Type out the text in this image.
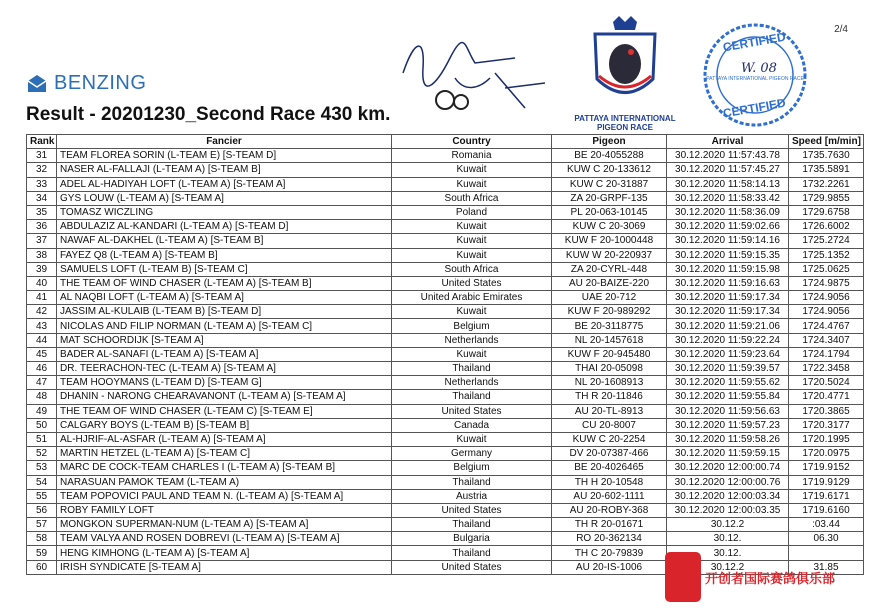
2/4
PATTAYA INTERNATIONAL
PIGEON RACE
CERTIFIED
PATTAYA INTERNATIONAL PIGEON RACE
W. 08
CERTIFIED
BENZING
Result - 20201230_Second Race 430 km.
Rank	Fancier	Country	Pigeon	Arrival	Speed [m/min]	
31	TEAM FLOREA SORIN (L-TEAM E) [S-TEAM D]	Romania	BE 20-4055288	30.12.2020 11:57:43.78	1735.7630	
32	NASER AL-FALLAJI (L-TEAM A) [S-TEAM B]	Kuwait	KUW C 20-133612	30.12.2020 11:57:45.27	1735.5891	
33	ADEL AL-HADIYAH LOFT (L-TEAM A) [S-TEAM A]	Kuwait	KUW C 20-31887	30.12.2020 11:58:14.13	1732.2261	
34	GYS LOUW (L-TEAM A) [S-TEAM A]	South Africa	ZA 20-GRPF-135	30.12.2020 11:58:33.42	1729.9855	
35	TOMASZ WICZLING	Poland	PL 20-063-10145	30.12.2020 11:58:36.09	1729.6758	
36	ABDULAZIZ AL-KANDARI (L-TEAM A) [S-TEAM D]	Kuwait	KUW C 20-3069	30.12.2020 11:59:02.66	1726.6002	
37	NAWAF AL-DAKHEL (L-TEAM A) [S-TEAM B]	Kuwait	KUW F 20-1000448	30.12.2020 11:59:14.16	1725.2724	
38	FAYEZ Q8 (L-TEAM A) [S-TEAM B]	Kuwait	KUW W 20-220937	30.12.2020 11:59:15.35	1725.1352	
39	SAMUELS LOFT (L-TEAM B) [S-TEAM C]	South Africa	ZA 20-CYRL-448	30.12.2020 11:59:15.98	1725.0625	
40	THE TEAM OF WIND CHASER (L-TEAM A) [S-TEAM B]	United States	AU 20-BAIZE-220	30.12.2020 11:59:16.63	1724.9875	
41	AL NAQBI LOFT (L-TEAM A) [S-TEAM A]	United Arabic Emirates	UAE 20-712	30.12.2020 11:59:17.34	1724.9056	
42	JASSIM AL-KULAIB (L-TEAM B) [S-TEAM D]	Kuwait	KUW F 20-989292	30.12.2020 11:59:17.34	1724.9056	
43	NICOLAS AND FILIP NORMAN (L-TEAM A) [S-TEAM C]	Belgium	BE 20-3118775	30.12.2020 11:59:21.06	1724.4767	
44	MAT SCHOORDIJK [S-TEAM A]	Netherlands	NL 20-1457618	30.12.2020 11:59:22.24	1724.3407	
45	BADER AL-SANAFI (L-TEAM A) [S-TEAM A]	Kuwait	KUW F 20-945480	30.12.2020 11:59:23.64	1724.1794	
46	DR. TEERACHON-TEC (L-TEAM A) [S-TEAM A]	Thailand	THAI 20-05098	30.12.2020 11:59:39.57	1722.3458	
47	TEAM HOOYMANS (L-TEAM D) [S-TEAM G]	Netherlands	NL 20-1608913	30.12.2020 11:59:55.62	1720.5024	
48	DHANIN - NARONG CHEARAVANONT (L-TEAM A) [S-TEAM A]	Thailand	TH R 20-11846	30.12.2020 11:59:55.84	1720.4771	
49	THE TEAM OF WIND CHASER (L-TEAM C) [S-TEAM E]	United States	AU 20-TL-8913	30.12.2020 11:59:56.63	1720.3865	
50	CALGARY BOYS (L-TEAM B) [S-TEAM B]	Canada	CU 20-8007	30.12.2020 11:59:57.23	1720.3177	
51	AL-HJRIF-AL-ASFAR (L-TEAM A) [S-TEAM A]	Kuwait	KUW C 20-2254	30.12.2020 11:59:58.26	1720.1995	
52	MARTIN HETZEL (L-TEAM A) [S-TEAM C]	Germany	DV 20-07387-466	30.12.2020 11:59:59.15	1720.0975	
53	MARC DE COCK-TEAM CHARLES I (L-TEAM A) [S-TEAM B]	Belgium	BE 20-4026465	30.12.2020 12:00:00.74	1719.9152	
54	NARASUAN PAMOK TEAM (L-TEAM A)	Thailand	TH H 20-10548	30.12.2020 12:00:00.76	1719.9129	
55	TEAM POPOVICI PAUL AND TEAM N. (L-TEAM A) [S-TEAM A]	Austria	AU 20-602-1111	30.12.2020 12:00:03.34	1719.6171	
56	ROBY FAMILY LOFT	United States	AU 20-ROBY-368	30.12.2020 12:00:03.35	1719.6160	
57	MONGKON SUPERMAN-NUM (L-TEAM A) [S-TEAM A]	Thailand	TH R 20-01671	30.12.2	:03.44	
58	TEAM VALYA AND ROSEN DOBREVI (L-TEAM A) [S-TEAM A]	Bulgaria	RO 20-362134	30.12.	06.30	
59	HENG KIMHONG (L-TEAM A) [S-TEAM A]	Thailand	TH C 20-79839	30.12.		
60	IRISH SYNDICATE [S-TEAM A]	United States	AU 20-IS-1006	30.12.2	31.85	
开创者国际赛鸽俱乐部
